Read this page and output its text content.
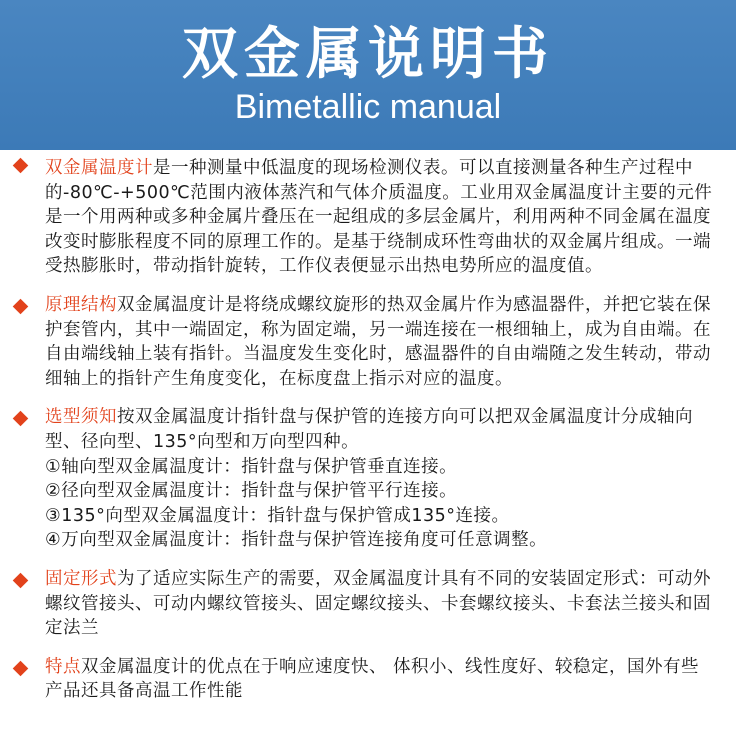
双金属说明书
Bimetallic manual
双金属温度计是一种测量中低温度的现场检测仪表。可以直接测量各种生产过程中的-80℃-+500℃范围内液体蒸汽和气体介质温度。工业用双金属温度计主要的元件是一个用两种或多种金属片叠压在一起组成的多层金属片，利用两种不同金属在温度改变时膨胀程度不同的原理工作的。是基于绕制成环性弯曲状的双金属片组成。一端受热膨胀时，带动指针旋转，工作仪表便显示出热电势所应的温度值。
原理结构双金属温度计是将绕成螺纹旋形的热双金属片作为感温器件，并把它装在保护套管内，其中一端固定，称为固定端，另一端连接在一根细轴上，成为自由端。在自由端线轴上装有指针。当温度发生变化时，感温器件的自由端随之发生转动，带动细轴上的指针产生角度变化，在标度盘上指示对应的温度。
选型须知按双金属温度计指针盘与保护管的连接方向可以把双金属温度计分成轴向型、径向型、135°向型和万向型四种。
①轴向型双金属温度计：指针盘与保护管垂直连接。
②径向型双金属温度计：指针盘与保护管平行连接。
③135°向型双金属温度计：指针盘与保护管成135°连接。
④万向型双金属温度计：指针盘与保护管连接角度可任意调整。
固定形式为了适应实际生产的需要，双金属温度计具有不同的安装固定形式：可动外螺纹管接头、可动内螺纹管接头、固定螺纹接头、卡套螺纹接头、卡套法兰接头和固定法兰
特点双金属温度计的优点在于响应速度快、 体积小、线性度好、较稳定，国外有些产品还具备高温工作性能
